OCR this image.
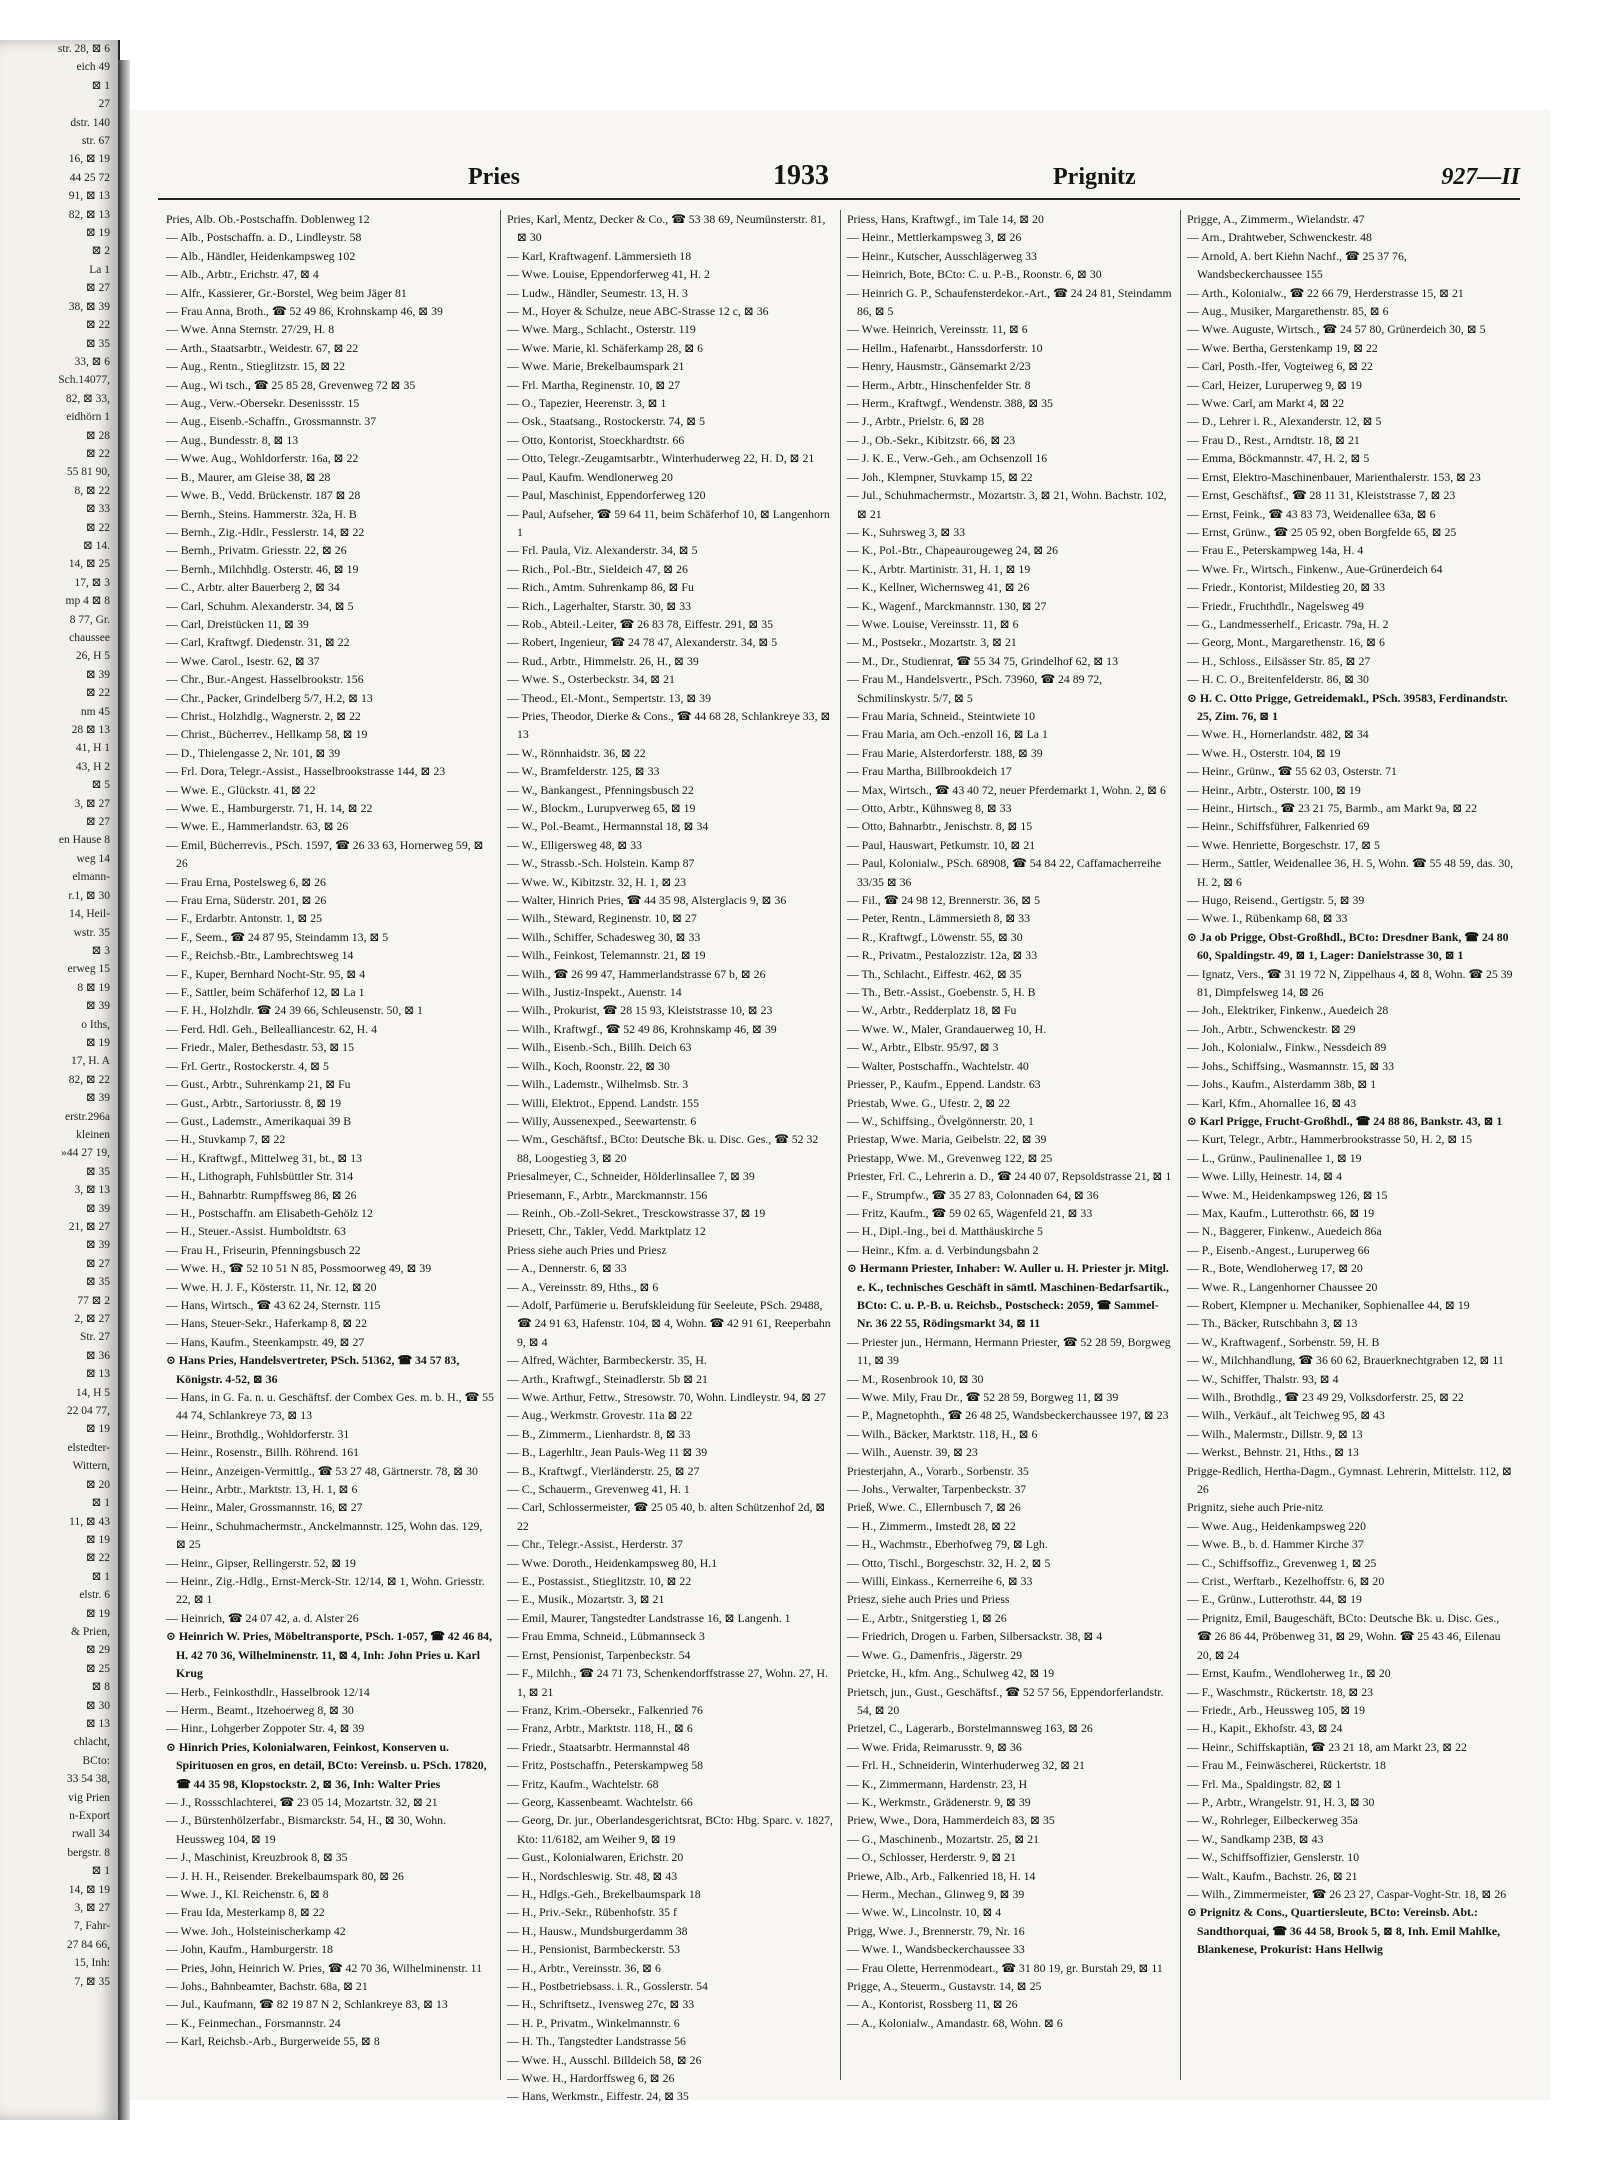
str. 28, ⊠ 6
eich 49
⊠ 1
27
dstr. 140
str. 67
16, ⊠ 19
44 25 72
91, ⊠ 13
82, ⊠ 13
⊠ 19
⊠ 2
La 1
⊠ 27
38, ⊠ 39
⊠ 22
⊠ 35
33, ⊠ 6
Sch.14077,
82, ⊠ 33,
eidhörn 1
⊠ 28
⊠ 22
55 81 90,
8, ⊠ 22
⊠ 33
⊠ 22
⊠ 14.
14, ⊠ 25
17, ⊠ 3
mp 4 ⊠ 8
8 77, Gr.
chaussee
26, H 5
⊠ 39
⊠ 22
nm 45
28 ⊠ 13
41, H 1
43, H 2
⊠ 5
3, ⊠ 27
⊠ 27
en Hause 8
weg 14
elmann-
r.1, ⊠ 30
14, Heil-
wstr. 35
⊠ 3
erweg 15
8 ⊠ 19
⊠ 39
o Iths,
⊠ 19
17, H. A
82, ⊠ 22
⊠ 39
erstr.296a
kleinen
»44 27 19,
⊠ 35
3, ⊠ 13
⊠ 39
21, ⊠ 27
⊠ 39
⊠ 27
⊠ 35
77 ⊠ 2
2, ⊠ 27
Str. 27
⊠ 36
⊠ 13
14, H 5
22 04 77,
⊠ 19
elstedter-
Wittern,
⊠ 20
⊠ 1
11, ⊠ 43
⊠ 19
⊠ 22
⊠ 1
elstr. 6
⊠ 19
& Prien,
⊠ 29
⊠ 25
⊠ 8
⊠ 30
⊠ 13
chlacht,
BCto:
33 54 38,
vig Prien
n-Export
rwall 34
bergstr. 8
⊠ 1
14, ⊠ 19
3, ⊠ 27
7, Fahr-
27 84 66,
15, Inh:
7, ⊠ 35
Pries	1933	Prignitz	927—II

Pries, Alb. Ob.-Postschaffn. Doblenweg 12

— Alb., Postschaffn. a. D., Lindleystr. 58

— Alb., Händler, Heidenkampsweg 102

— Alb., Arbtr., Erichstr. 47, ⊠ 4

— Alfr., Kassierer, Gr.-Borstel, Weg beim Jäger 81

— Frau Anna, Broth., ☎ 52 49 86, Krohnskamp 46, ⊠ 39

— Wwe. Anna Sternstr. 27/29, H. 8

— Arth., Staatsarbtr., Weidestr. 67, ⊠ 22

— Aug., Rentn., Stieglitzstr. 15, ⊠ 22

— Aug., Wi tsch., ☎ 25 85 28, Grevenweg 72 ⊠ 35

— Aug., Verw.-Obersekr. Desenissstr. 15

— Aug., Eisenb.-Schaffn., Grossmannstr. 37

— Aug., Bundesstr. 8, ⊠ 13

— Wwe. Aug., Wohldorferstr. 16a, ⊠ 22

— B., Maurer, am Gleise 38, ⊠ 28

— Wwe. B., Vedd. Brückenstr. 187 ⊠ 28

— Bernh., Steins. Hammerstr. 32a, H. B

— Bernh., Zig.-Hdlr., Fesslerstr. 14, ⊠ 22

— Bernh., Privatm. Griesstr. 22, ⊠ 26

— Bernh., Milchhdlg. Osterstr. 46, ⊠ 19

— C., Arbtr. alter Bauerberg 2, ⊠ 34

— Carl, Schuhm. Alexanderstr. 34, ⊠ 5

— Carl, Dreistücken 11, ⊠ 39

— Carl, Kraftwgf. Diedenstr. 31, ⊠ 22

— Wwe. Carol., Isestr. 62, ⊠ 37

— Chr., Bur.-Angest. Hasselbrookstr. 156

— Chr., Packer, Grindelberg 5/7, H.2, ⊠ 13

— Christ., Holzhdlg., Wagnerstr. 2, ⊠ 22

— Christ., Bücherrev., Hellkamp 58, ⊠ 19

— D., Thielengasse 2, Nr. 101, ⊠ 39

— Frl. Dora, Telegr.-Assist., Hasselbrookstrasse 144, ⊠ 23

— Wwe. E., Glückstr. 41, ⊠ 22

— Wwe. E., Hamburgerstr. 71, H. 14, ⊠ 22

— Wwe. E., Hammerlandstr. 63, ⊠ 26

— Emil, Bücherrevis., PSch. 1597, ☎ 26 33 63, Hornerweg 59, ⊠ 26

— Frau Erna, Postelsweg 6, ⊠ 26

— Frau Erna, Süderstr. 201, ⊠ 26

— F., Erdarbtr. Antonstr. 1, ⊠ 25

— F., Seem., ☎ 24 87 95, Steindamm 13, ⊠ 5

— F., Reichsb.-Btr., Lambrechtsweg 14

— F., Kuper, Bernhard Nocht-Str. 95, ⊠ 4

— F., Sattler, beim Schäferhof 12, ⊠ La 1

— F. H., Holzhdlr. ☎ 24 39 66, Schleusenstr. 50, ⊠ 1

— Ferd. Hdl. Geh., Bellealliancestr. 62, H. 4

— Friedr., Maler, Bethesdastr. 53, ⊠ 15

— Frl. Gertr., Rostockerstr. 4, ⊠ 5

— Gust., Arbtr., Suhrenkamp 21, ⊠ Fu

— Gust., Arbtr., Sartoriusstr. 8, ⊠ 19

— Gust., Lademstr., Amerikaquai 39 B

— H., Stuvkamp 7, ⊠ 22

— H., Kraftwgf., Mittelweg 31, bt., ⊠ 13

— H., Lithograph, Fuhlsbüttler Str. 314

— H., Bahnarbtr. Rumpffsweg 86, ⊠ 26

— H., Postschaffn. am Elisabeth-Gehölz 12

— H., Steuer.-Assist. Humboldtstr. 63

— Frau H., Friseurin, Pfenningsbusch 22

— Wwe. H., ☎ 52 10 51 N 85, Possmoorweg 49, ⊠ 39

— Wwe. H. J. F., Kösterstr. 11, Nr. 12, ⊠ 20

— Hans, Wirtsch., ☎ 43 62 24, Sternstr. 115

— Hans, Steuer-Sekr., Haferkamp 8, ⊠ 22

— Hans, Kaufm., Steenkampstr. 49, ⊠ 27

⊙ Hans Pries, Handelsvertreter, PSch. 51362, ☎ 34 57 83, Königstr. 4-52, ⊠ 36

— Hans, in G. Fa. n. u. Geschäftsf. der Combex Ges. m. b. H., ☎ 55 44 74, Schlankreye 73, ⊠ 13

— Heinr., Brothdlg., Wohldorferstr. 31

— Heinr., Rosenstr., Billh. Röhrend. 161

— Heinr., Anzeigen-Vermittlg., ☎ 53 27 48, Gärtnerstr. 78, ⊠ 30

— Heinr., Arbtr., Marktstr. 13, H. 1, ⊠ 6

— Heinr., Maler, Grossmannstr. 16, ⊠ 27

— Heinr., Schuhmachermstr., Anckelmannstr. 125, Wohn das. 129, ⊠ 25

— Heinr., Gipser, Rellingerstr. 52, ⊠ 19

— Heinr., Zig.-Hdlg., Ernst-Merck-Str. 12/14, ⊠ 1, Wohn. Griesstr. 22, ⊠ 1

— Heinrich, ☎ 24 07 42, a. d. Alster 26

⊙ Heinrich W. Pries, Möbeltransporte, PSch. 1-057, ☎ 42 46 84, H. 42 70 36, Wilhelminenstr. 11, ⊠ 4, Inh: John Pries u. Karl Krug

— Herb., Feinkosthdlr., Hasselbrook 12/14

— Herm., Beamt., Itzehoerweg 8, ⊠ 30

— Hinr., Lohgerber Zoppoter Str. 4, ⊠ 39

⊙ Hinrich Pries, Kolonialwaren, Feinkost, Konserven u. Spirituosen en gros, en detail, BCto: Vereinsb. u. PSch. 17820, ☎ 44 35 98, Klopstockstr. 2, ⊠ 36, Inh: Walter Pries

— J., Rossschlachterei, ☎ 23 05 14, Mozartstr. 32, ⊠ 21

— J., Bürstenhölzerfabr., Bismarckstr. 54, H., ⊠ 30, Wohn. Heussweg 104, ⊠ 19

— J., Maschinist, Kreuzbrook 8, ⊠ 35

— J. H. H., Reisender. Brekelbaumspark 80, ⊠ 26

— Wwe. J., Kl. Reichenstr. 6, ⊠ 8

— Frau Ida, Mesterkamp 8, ⊠ 22

— Wwe. Joh., Holsteinischerkamp 42

— John, Kaufm., Hamburgerstr. 18

— Pries, John, Heinrich W. Pries, ☎ 42 70 36, Wilhelminenstr. 11

— Johs., Bahnbeamter, Bachstr. 68a, ⊠ 21

— Jul., Kaufmann, ☎ 82 19 87 N 2, Schlankreye 83, ⊠ 13

— K., Feinmechan., Forsmannstr. 24

— Karl, Reichsb.-Arb., Burgerweide 55, ⊠ 8

Pries, Karl, Mentz, Decker & Co., ☎ 53 38 69, Neumünsterstr. 81, ⊠ 30

— Karl, Kraftwagenf. Lämmersieth 18

— Wwe. Louise, Eppendorferweg 41, H. 2

— Ludw., Händler, Seumestr. 13, H. 3

— M., Hoyer & Schulze, neue ABC-Strasse 12 c, ⊠ 36

— Wwe. Marg., Schlacht., Osterstr. 119

— Wwe. Marie, kl. Schäferkamp 28, ⊠ 6

— Wwe. Marie, Brekelbaumspark 21

— Frl. Martha, Reginenstr. 10, ⊠ 27

— O., Tapezier, Heerenstr. 3, ⊠ 1

— Osk., Staatsang., Rostockerstr. 74, ⊠ 5

— Otto, Kontorist, Stoeckhardtstr. 66

— Otto, Telegr.-Zeugamtsarbtr., Winterhuderweg 22, H. D, ⊠ 21

— Paul, Kaufm. Wendlonerweg 20

— Paul, Maschinist, Eppendorferweg 120

— Paul, Aufseher, ☎ 59 64 11, beim Schäferhof 10, ⊠ Langenhorn 1

— Frl. Paula, Viz. Alexanderstr. 34, ⊠ 5

— Rich., Pol.-Btr., Sieldeich 47, ⊠ 26

— Rich., Amtm. Suhrenkamp 86, ⊠ Fu

— Rich., Lagerhalter, Starstr. 30, ⊠ 33

— Rob., Abteil.-Leiter, ☎ 26 83 78, Eiffestr. 291, ⊠ 35

— Robert, Ingenieur, ☎ 24 78 47, Alexanderstr. 34, ⊠ 5

— Rud., Arbtr., Himmelstr. 26, H., ⊠ 39

— Wwe. S., Osterbeckstr. 34, ⊠ 21

— Theod., El.-Mont., Sempertstr. 13, ⊠ 39

— Pries, Theodor, Dierke & Cons., ☎ 44 68 28, Schlankreye 33, ⊠ 13

— W., Rönnhaidstr. 36, ⊠ 22

— W., Bramfelderstr. 125, ⊠ 33

— W., Bankangest., Pfenningsbusch 22

— W., Blockm., Lurupverweg 65, ⊠ 19

— W., Pol.-Beamt., Hermannstal 18, ⊠ 34

— W., Elligersweg 48, ⊠ 33

— W., Strassb.-Sch. Holstein. Kamp 87

— Wwe. W., Kibitzstr. 32, H. 1, ⊠ 23

— Walter, Hinrich Pries, ☎ 44 35 98, Alsterglacis 9, ⊠ 36

— Wilh., Steward, Reginenstr. 10, ⊠ 27

— Wilh., Schiffer, Schadesweg 30, ⊠ 33

— Wilh., Feinkost, Telemannstr. 21, ⊠ 19

— Wilh., ☎ 26 99 47, Hammerlandstrasse 67 b, ⊠ 26

— Wilh., Justiz-Inspekt., Auenstr. 14

— Wilh., Prokurist, ☎ 28 15 93, Kleiststrasse 10, ⊠ 23

— Wilh., Kraftwgf., ☎ 52 49 86, Krohnskamp 46, ⊠ 39

— Wilh., Eisenb.-Sch., Billh. Deich 63

— Wilh., Koch, Roonstr. 22, ⊠ 30

— Wilh., Lademstr., Wilhelmsb. Str. 3

— Willi, Elektrot., Eppend. Landstr. 155

— Willy, Aussenexped., Seewartenstr. 6

— Wm., Geschäftsf., BCto: Deutsche Bk. u. Disc. Ges., ☎ 52 32 88, Loogestieg 3, ⊠ 20

Priesalmeyer, C., Schneider, Hölderlinsallee 7, ⊠ 39

Priesemann, F., Arbtr., Marckmannstr. 156

— Reinh., Ob.-Zoll-Sekret., Tresckowstrasse 37, ⊠ 19

Priesett, Chr., Takler, Vedd. Marktplatz 12

Priess siehe auch Pries und Priesz

— A., Dennerstr. 6, ⊠ 33

— A., Vereinsstr. 89, Hths., ⊠ 6

— Adolf, Parfümerie u. Berufskleidung für Seeleute, PSch. 29488, ☎ 24 91 63, Hafenstr. 104, ⊠ 4, Wohn. ☎ 42 91 61, Reeperbahn 9, ⊠ 4

— Alfred, Wächter, Barmbeckerstr. 35, H.

— Arth., Kraftwgf., Steinadlerstr. 5b ⊠ 21

— Wwe. Arthur, Fettw., Stresowstr. 70, Wohn. Lindleystr. 94, ⊠ 27

— Aug., Werkmstr. Grovestr. 11a ⊠ 22

— B., Zimmerm., Lienhardstr. 8, ⊠ 33

— B., Lagerhltr., Jean Pauls-Weg 11 ⊠ 39

— B., Kraftwgf., Vierländerstr. 25, ⊠ 27

— C., Schauerm., Grevenweg 41, H. 1

— Carl, Schlossermeister, ☎ 25 05 40, b. alten Schützenhof 2d, ⊠ 22

— Chr., Telegr.-Assist., Herderstr. 37

— Wwe. Doroth., Heidenkampsweg 80, H.1

— E., Postassist., Stieglitzstr. 10, ⊠ 22

— E., Musik., Mozartstr. 3, ⊠ 21

— Emil, Maurer, Tangstedter Landstrasse 16, ⊠ Langenh. 1

— Frau Emma, Schneid., Lübmannseck 3

— Ernst, Pensionist, Tarpenbeckstr. 54

— F., Milchh., ☎ 24 71 73, Schenkendorffstrasse 27, Wohn. 27, H. 1, ⊠ 21

— Franz, Krim.-Obersekr., Falkenried 76

— Franz, Arbtr., Marktstr. 118, H., ⊠ 6

— Friedr., Staatsarbtr. Hermannstal 48

— Fritz, Postschaffn., Peterskampweg 58

— Fritz, Kaufm., Wachtelstr. 68

— Georg, Kassenbeamt. Wachtelstr. 66

— Georg, Dr. jur., Oberlandesgerichtsrat, BCto: Hbg. Sparc. v. 1827, Kto: 11/6182, am Weiher 9, ⊠ 19

— Gust., Kolonialwaren, Erichstr. 20

— H., Nordschleswig. Str. 48, ⊠ 43

— H., Hdlgs.-Geh., Brekelbaumspark 18

— H., Priv.-Sekr., Rübenhofstr. 35 f

— H., Hausw., Mundsburgerdamm 38

— H., Pensionist, Barmbeckerstr. 53

— H., Arbtr., Vereinsstr. 36, ⊠ 6

— H., Postbetriebsass. i. R., Gosslerstr. 54

— H., Schriftsetz., Ivensweg 27c, ⊠ 33

— H. P., Privatm., Winkelmannstr. 6

— H. Th., Tangstedter Landstrasse 56

— Wwe. H., Ausschl. Billdeich 58, ⊠ 26

— Wwe. H., Hardorffsweg 6, ⊠ 26

— Hans, Werkmstr., Eiffestr. 24, ⊠ 35

Priess, Hans, Kraftwgf., im Tale 14, ⊠ 20

— Heinr., Mettlerkampsweg 3, ⊠ 26

— Heinr., Kutscher, Ausschlägerweg 33

— Heinrich, Bote, BCto: C. u. P.-B., Roonstr. 6, ⊠ 30

— Heinrich G. P., Schaufensterdekor.-Art., ☎ 24 24 81, Steindamm 86, ⊠ 5

— Wwe. Heinrich, Vereinsstr. 11, ⊠ 6

— Hellm., Hafenarbt., Hanssdorferstr. 10

— Henry, Hausmstr., Gänsemarkt 2/23

— Herm., Arbtr., Hinschenfelder Str. 8

— Herm., Kraftwgf., Wendenstr. 388, ⊠ 35

— J., Arbtr., Prielstr. 6, ⊠ 28

— J., Ob.-Sekr., Kibitzstr. 66, ⊠ 23

— J. K. E., Verw.-Geh., am Ochsenzoll 16

— Joh., Klempner, Stuvkamp 15, ⊠ 22

— Jul., Schuhmachermstr., Mozartstr. 3, ⊠ 21, Wohn. Bachstr. 102, ⊠ 21

— K., Suhrsweg 3, ⊠ 33

— K., Pol.-Btr., Chapeaurougeweg 24, ⊠ 26

— K., Arbtr. Martinistr. 31, H. 1, ⊠ 19

— K., Kellner, Wichernsweg 41, ⊠ 26

— K., Wagenf., Marckmannstr. 130, ⊠ 27

— Wwe. Louise, Vereinsstr. 11, ⊠ 6

— M., Postsekr., Mozartstr. 3, ⊠ 21

— M., Dr., Studienrat, ☎ 55 34 75, Grindelhof 62, ⊠ 13

— Frau M., Handelsvertr., PSch. 73960, ☎ 24 89 72, Schmilinskystr. 5/7, ⊠ 5

— Frau Maria, Schneid., Steintwiete 10

— Frau Maria, am Och.-enzoll 16, ⊠ La 1

— Frau Marie, Alsterdorferstr. 188, ⊠ 39

— Frau Martha, Billbrookdeich 17

— Max, Wirtsch., ☎ 43 40 72, neuer Pferdemarkt 1, Wohn. 2, ⊠ 6

— Otto, Arbtr., Kühnsweg 8, ⊠ 33

— Otto, Bahnarbtr., Jenischstr. 8, ⊠ 15

— Paul, Hauswart, Petkumstr. 10, ⊠ 21

— Paul, Kolonialw., PSch. 68908, ☎ 54 84 22, Caffamacherreihe 33/35 ⊠ 36

— Fil., ☎ 24 98 12, Brennerstr. 36, ⊠ 5

— Peter, Rentn., Lämmersieth 8, ⊠ 33

— R., Kraftwgf., Löwenstr. 55, ⊠ 30

— R., Privatm., Pestalozzistr. 12a, ⊠ 33

— Th., Schlacht., Eiffestr. 462, ⊠ 35

— Th., Betr.-Assist., Goebenstr. 5, H. B

— W., Arbtr., Redderplatz 18, ⊠ Fu

— Wwe. W., Maler, Grandauerweg 10, H.

— W., Arbtr., Elbstr. 95/97, ⊠ 3

— Walter, Postschaffn., Wachtelstr. 40

Priesser, P., Kaufm., Eppend. Landstr. 63

Priestab, Wwe. G., Ufestr. 2, ⊠ 22

— W., Schiffsing., Övelgönnerstr. 20, 1

Priestap, Wwe. Maria, Geibelstr. 22, ⊠ 39

Priestapp, Wwe. M., Grevenweg 122, ⊠ 25

Priester, Frl. C., Lehrerin a. D., ☎ 24 40 07, Repsoldstrasse 21, ⊠ 1

— F., Strumpfw., ☎ 35 27 83, Colonnaden 64, ⊠ 36

— Fritz, Kaufm., ☎ 59 02 65, Wagenfeld 21, ⊠ 33

— H., Dipl.-Ing., bei d. Matthäuskirche 5

— Heinr., Kfm. a. d. Verbindungsbahn 2

⊙ Hermann Priester, Inhaber: W. Auller u. H. Priester jr. Mitgl. e. K., technisches Geschäft in sämtl. Maschinen-Bedarfsartik., BCto: C. u. P.-B. u. Reichsb., Postscheck: 2059, ☎ Sammel-Nr. 36 22 55, Rödingsmarkt 34, ⊠ 11

— Priester jun., Hermann, Hermann Priester, ☎ 52 28 59, Borgweg 11, ⊠ 39

— M., Rosenbrook 10, ⊠ 30

— Wwe. Mily, Frau Dr., ☎ 52 28 59, Borgweg 11, ⊠ 39

— P., Magnetophth., ☎ 26 48 25, Wandsbeckerchaussee 197, ⊠ 23

— Wilh., Bäcker, Marktstr. 118, H., ⊠ 6

— Wilh., Auenstr. 39, ⊠ 23

Priesterjahn, A., Vorarb., Sorbenstr. 35

— Johs., Verwalter, Tarpenbeckstr. 37

Prieß, Wwe. C., Ellernbusch 7, ⊠ 26

— H., Zimmerm., Imstedt 28, ⊠ 22

— H., Wachmstr., Eberhofweg 79, ⊠ Lgh.

— Otto, Tischl., Borgeschstr. 32, H. 2, ⊠ 5

— Willi, Einkass., Kernerreihe 6, ⊠ 33

Priesz, siehe auch Pries und Priess

— E., Arbtr., Snitgerstieg 1, ⊠ 26

— Friedrich, Drogen u. Farben, Silbersackstr. 38, ⊠ 4

— Wwe. G., Damenfris., Jägerstr. 29

Prietcke, H., kfm. Ang., Schulweg 42, ⊠ 19

Prietsch, jun., Gust., Geschäftsf., ☎ 52 57 56, Eppendorferlandstr. 54, ⊠ 20

Prietzel, C., Lagerarb., Borstelmannsweg 163, ⊠ 26

— Wwe. Frida, Reimarusstr. 9, ⊠ 36

— Frl. H., Schneiderin, Winterhuderweg 32, ⊠ 21

— K., Zimmermann, Hardenstr. 23, H

— K., Werkmstr., Grädenerstr. 9, ⊠ 39

Priew, Wwe., Dora, Hammerdeich 83, ⊠ 35

— G., Maschinenb., Mozartstr. 25, ⊠ 21

— O., Schlosser, Herderstr. 9, ⊠ 21

Priewe, Alb., Arb., Falkenried 18, H. 14

— Herm., Mechan., Glinweg 9, ⊠ 39

— Wwe. W., Lincolnstr. 10, ⊠ 4

Prigg, Wwe. J., Brennerstr. 79, Nr. 16

— Wwe. I., Wandsbeckerchaussee 33

— Frau Olette, Herrenmodeart., ☎ 31 80 19, gr. Burstah 29, ⊠ 11

Prigge, A., Steuerm., Gustavstr. 14, ⊠ 25

— A., Kontorist, Rossberg 11, ⊠ 26

— A., Kolonialw., Amandastr. 68, Wohn. ⊠ 6

Prigge, A., Zimmerm., Wielandstr. 47

— Arn., Drahtweber, Schwenckestr. 48

— Arnold, A. bert Kiehn Nachf., ☎ 25 37 76, Wandsbeckerchaussee 155

— Arth., Kolonialw., ☎ 22 66 79, Herderstrasse 15, ⊠ 21

— Aug., Musiker, Margarethenstr. 85, ⊠ 6

— Wwe. Auguste, Wirtsch., ☎ 24 57 80, Grünerdeich 30, ⊠ 5

— Wwe. Bertha, Gerstenkamp 19, ⊠ 22

— Carl, Posth.-Ifer, Vogteiweg 6, ⊠ 22

— Carl, Heizer, Luruperweg 9, ⊠ 19

— Wwe. Carl, am Markt 4, ⊠ 22

— D., Lehrer i. R., Alexanderstr. 12, ⊠ 5

— Frau D., Rest., Arndtstr. 18, ⊠ 21

— Emma, Böckmannstr. 47, H. 2, ⊠ 5

— Ernst, Elektro-Maschinenbauer, Marienthalerstr. 153, ⊠ 23

— Ernst, Geschäftsf., ☎ 28 11 31, Kleiststrasse 7, ⊠ 23

— Ernst, Feink., ☎ 43 83 73, Weidenallee 63a, ⊠ 6

— Ernst, Grünw., ☎ 25 05 92, oben Borgfelde 65, ⊠ 25

— Frau E., Peterskampweg 14a, H. 4

— Wwe. Fr., Wirtsch., Finkenw., Aue-Grünerdeich 64

— Friedr., Kontorist, Mildestieg 20, ⊠ 33

— Friedr., Fruchthdlr., Nagelsweg 49

— G., Landmesserhelf., Ericastr. 79a, H. 2

— Georg, Mont., Margarethenstr. 16, ⊠ 6

— H., Schloss., Eilsässer Str. 85, ⊠ 27

— H. C. O., Breitenfelderstr. 86, ⊠ 30

⊙ H. C. Otto Prigge, Getreidemakl., PSch. 39583, Ferdinandstr. 25, Zim. 76, ⊠ 1

— Wwe. H., Hornerlandstr. 482, ⊠ 34

— Wwe. H., Osterstr. 104, ⊠ 19

— Heinr., Grünw., ☎ 55 62 03, Osterstr. 71

— Heinr., Arbtr., Osterstr. 100, ⊠ 19

— Heinr., Hirtsch., ☎ 23 21 75, Barmb., am Markt 9a, ⊠ 22

— Heinr., Schiffsführer, Falkenried 69

— Wwe. Henriette, Borgeschstr. 17, ⊠ 5

— Herm., Sattler, Weidenallee 36, H. 5, Wohn. ☎ 55 48 59, das. 30, H. 2, ⊠ 6

— Hugo, Reisend., Gertigstr. 5, ⊠ 39

— Wwe. I., Rübenkamp 68, ⊠ 33

⊙ Ja ob Prigge, Obst-Großhdl., BCto: Dresdner Bank, ☎ 24 80 60, Spaldingstr. 49, ⊠ 1, Lager: Danielstrasse 30, ⊠ 1

— Ignatz, Vers., ☎ 31 19 72 N, Zippelhaus 4, ⊠ 8, Wohn. ☎ 25 39 81, Dimpfelsweg 14, ⊠ 26

— Joh., Elektriker, Finkenw., Auedeich 28

— Joh., Arbtr., Schwenckestr. ⊠ 29

— Joh., Kolonialw., Finkw., Nessdeich 89

— Johs., Schiffsing., Wasmannstr. 15, ⊠ 33

— Johs., Kaufm., Alsterdamm 38b, ⊠ 1

— Karl, Kfm., Ahornallee 16, ⊠ 43

⊙ Karl Prigge, Frucht-Großhdl., ☎ 24 88 86, Bankstr. 43, ⊠ 1

— Kurt, Telegr., Arbtr., Hammerbrookstrasse 50, H. 2, ⊠ 15

— L., Grünw., Paulinenallee 1, ⊠ 19

— Wwe. Lilly, Heinestr. 14, ⊠ 4

— Wwe. M., Heidenkampsweg 126, ⊠ 15

— Max, Kaufm., Lutterothstr. 66, ⊠ 19

— N., Baggerer, Finkenw., Auedeich 86a

— P., Eisenb.-Angest., Luruperweg 66

— R., Bote, Wendloherweg 17, ⊠ 20

— Wwe. R., Langenhorner Chaussee 20

— Robert, Klempner u. Mechaniker, Sophienallee 44, ⊠ 19

— Th., Bäcker, Rutschbahn 3, ⊠ 13

— W., Kraftwagenf., Sorbenstr. 59, H. B

— W., Milchhandlung, ☎ 36 60 62, Brauerknechtgraben 12, ⊠ 11

— W., Schiffer, Thalstr. 93, ⊠ 4

— Wilh., Brothdlg., ☎ 23 49 29, Volksdorferstr. 25, ⊠ 22

— Wilh., Verkäuf., alt Teichweg 95, ⊠ 43

— Wilh., Malermstr., Dillstr. 9, ⊠ 13

— Werkst., Behnstr. 21, Hths., ⊠ 13

Prigge-Redlich, Hertha-Dagm., Gymnast. Lehrerin, Mittelstr. 112, ⊠ 26

Prignitz, siehe auch Prie-nitz

— Wwe. Aug., Heidenkampsweg 220

— Wwe. B., b. d. Hammer Kirche 37

— C., Schiffsoffiz., Grevenweg 1, ⊠ 25

— Crist., Werftarb., Kezelhoffstr. 6, ⊠ 20

— E., Grünw., Lutterothstr. 44, ⊠ 19

— Prignitz, Emil, Baugeschäft, BCto: Deutsche Bk. u. Disc. Ges., ☎ 26 86 44, Pröbenweg 31, ⊠ 29, Wohn. ☎ 25 43 46, Eilenau 20, ⊠ 24

— Ernst, Kaufm., Wendloherweg 1r., ⊠ 20

— F., Waschmstr., Rückertstr. 18, ⊠ 23

— Friedr., Arb., Heussweg 105, ⊠ 19

— H., Kapit., Ekhofstr. 43, ⊠ 24

— Heinr., Schiffskaptiän, ☎ 23 21 18, am Markt 23, ⊠ 22

— Frau M., Feinwäscherei, Rückertstr. 18

— Frl. Ma., Spaldingstr. 82, ⊠ 1

— P., Arbtr., Wrangelstr. 91, H. 3, ⊠ 30

— W., Rohrleger, Eilbeckerweg 35a

— W., Sandkamp 23B, ⊠ 43

— W., Schiffsoffizier, Genslerstr. 10

— Walt., Kaufm., Bachstr. 26, ⊠ 21

— Wilh., Zimmermeister, ☎ 26 23 27, Caspar-Voght-Str. 18, ⊠ 26

⊙ Prignitz & Cons., Quartiersleute, BCto: Vereinsb. Abt.: Sandthorquai, ☎ 36 44 58, Brook 5, ⊠ 8, Inh. Emil Mahlke, Blankenese, Prokurist: Hans Hellwig
